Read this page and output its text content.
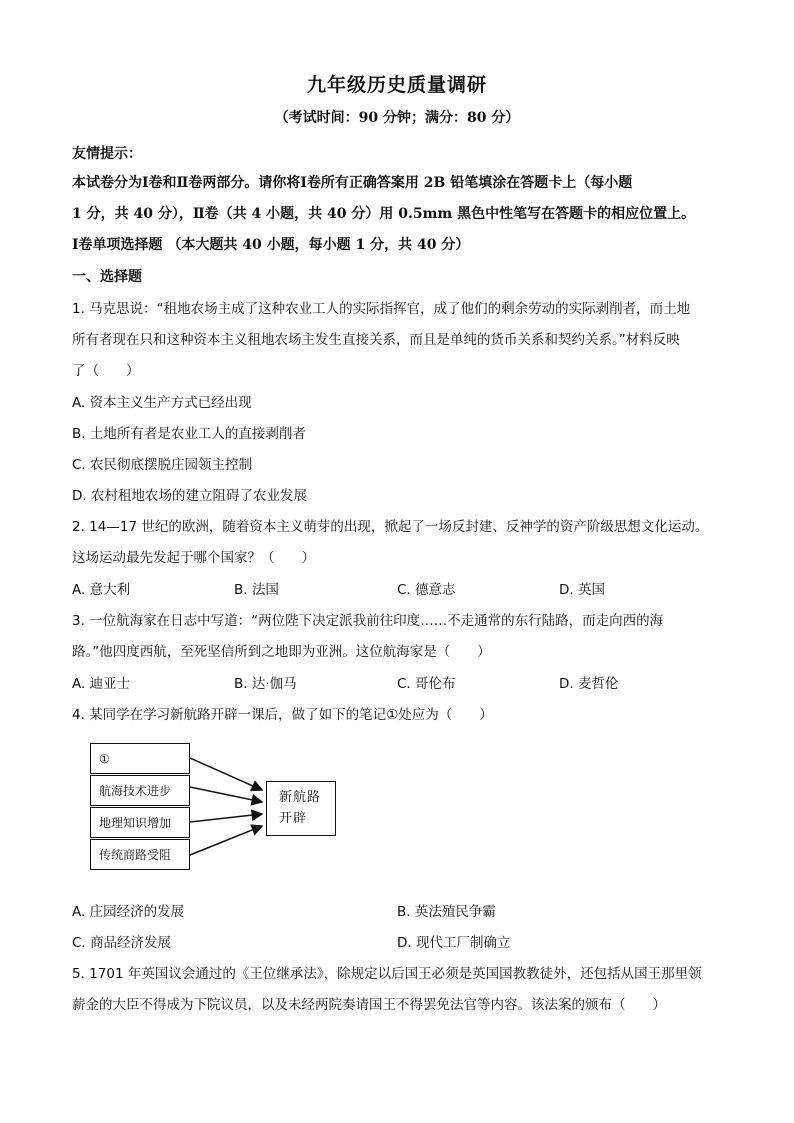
九年级历史质量调研
（考试时间：90 分钟；满分：80 分）
友情提示：
本试卷分为Ⅰ卷和Ⅱ卷两部分。请你将Ⅰ卷所有正确答案用 2B 铅笔填涂在答题卡上（每小题
1 分，共 40 分），Ⅱ卷（共 4 小题，共 40 分）用 0.5mm 黑色中性笔写在答题卡的相应位置上。
Ⅰ卷单项选择题 （本大题共 40 小题，每小题 1 分，共 40 分）
一、选择题
1. 马克思说：“租地农场主成了这种农业工人的实际指挥官，成了他们的剩余劳动的实际剥削者，而土地
所有者现在只和这种资本主义租地农场主发生直接关系，而且是单纯的货币关系和契约关系。”材料反映
了（　　）
A. 资本主义生产方式已经出现
B. 土地所有者是农业工人的直接剥削者
C. 农民彻底摆脱庄园领主控制
D. 农村租地农场的建立阻碍了农业发展
2. 14—17 世纪的欧洲，随着资本主义萌芽的出现，掀起了一场反封建、反神学的资产阶级思想文化运动。
这场运动最先发起于哪个国家？（　　）
A. 意大利	B. 法国	C. 德意志	D. 英国
3. 一位航海家在日志中写道：“两位陛下决定派我前往印度……不走通常的东行陆路，而走向西的海
路。”他四度西航，至死坚信所到之地即为亚洲。这位航海家是（　　）
A. 迪亚士	B. 达·伽马	C. 哥伦布	D. 麦哲伦
4. 某同学在学习新航路开辟一课后，做了如下的笔记①处应为（　　）
①
航海技术进步
地理知识增加
传统商路受阻
新航路
开辟
A. 庄园经济的发展	B. 英法殖民争霸
C. 商品经济发展	D. 现代工厂制确立
5. 1701 年英国议会通过的《王位继承法》，除规定以后国王必须是英国国教教徒外，还包括从国王那里领
薪金的大臣不得成为下院议员，以及未经两院奏请国王不得罢免法官等内容。该法案的颁布（　　）
